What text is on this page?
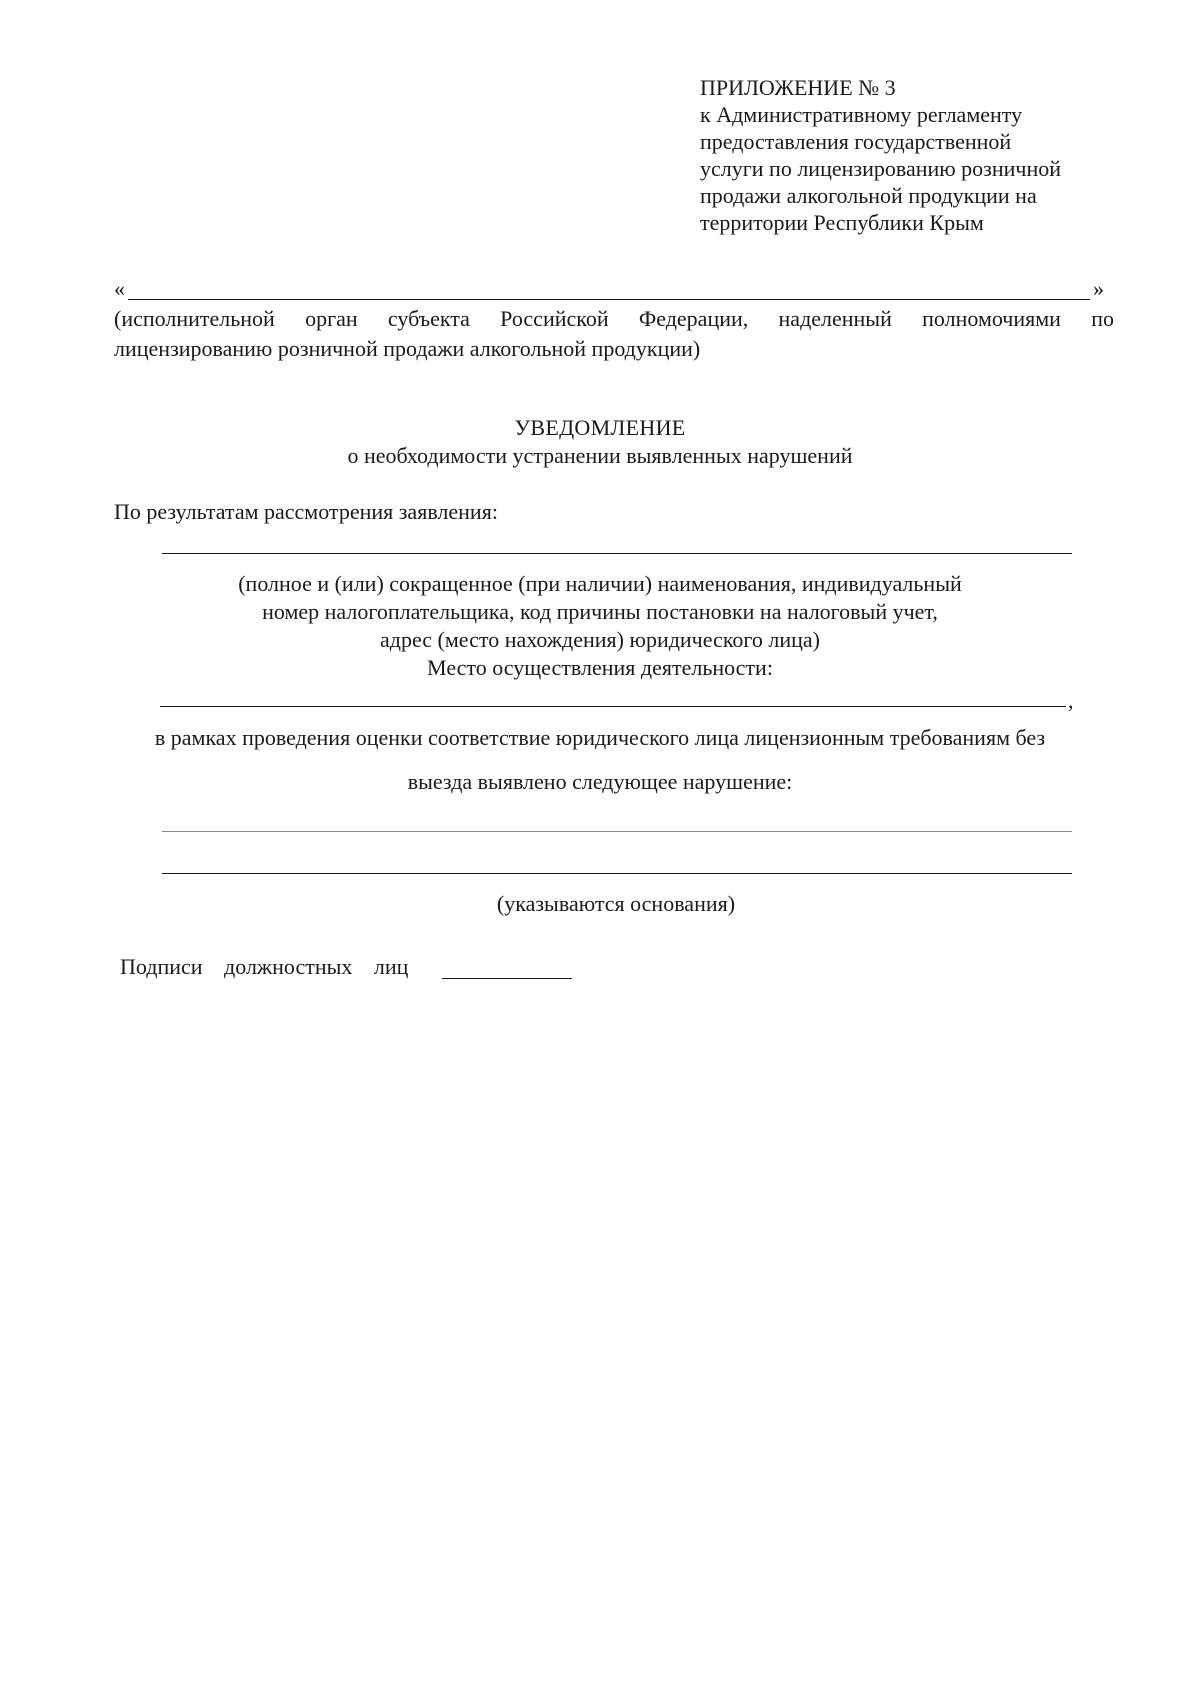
ПРИЛОЖЕНИЕ № 3
к Административному регламенту
предоставления государственной
услуги по лицензированию розничной
продажи алкогольной продукции на
территории Республики Крым
«	»
(исполнительной орган субъекта Российской Федерации, наделенный полномочиями по
лицензированию розничной продажи алкогольной продукции)
УВЕДОМЛЕНИЕ
о необходимости устранении выявленных нарушений
По результатам рассмотрения заявления:
(полное и (или) сокращенное (при наличии) наименования, индивидуальный
номер налогоплательщика, код причины постановки на налоговый учет,
адрес (место нахождения) юридического лица)
Место осуществления деятельности:
,
в рамках проведения оценки соответствие юридического лица лицензионным требованиям без
выезда выявлено следующее нарушение:
(указываются основания)
Подписи должностных лиц
